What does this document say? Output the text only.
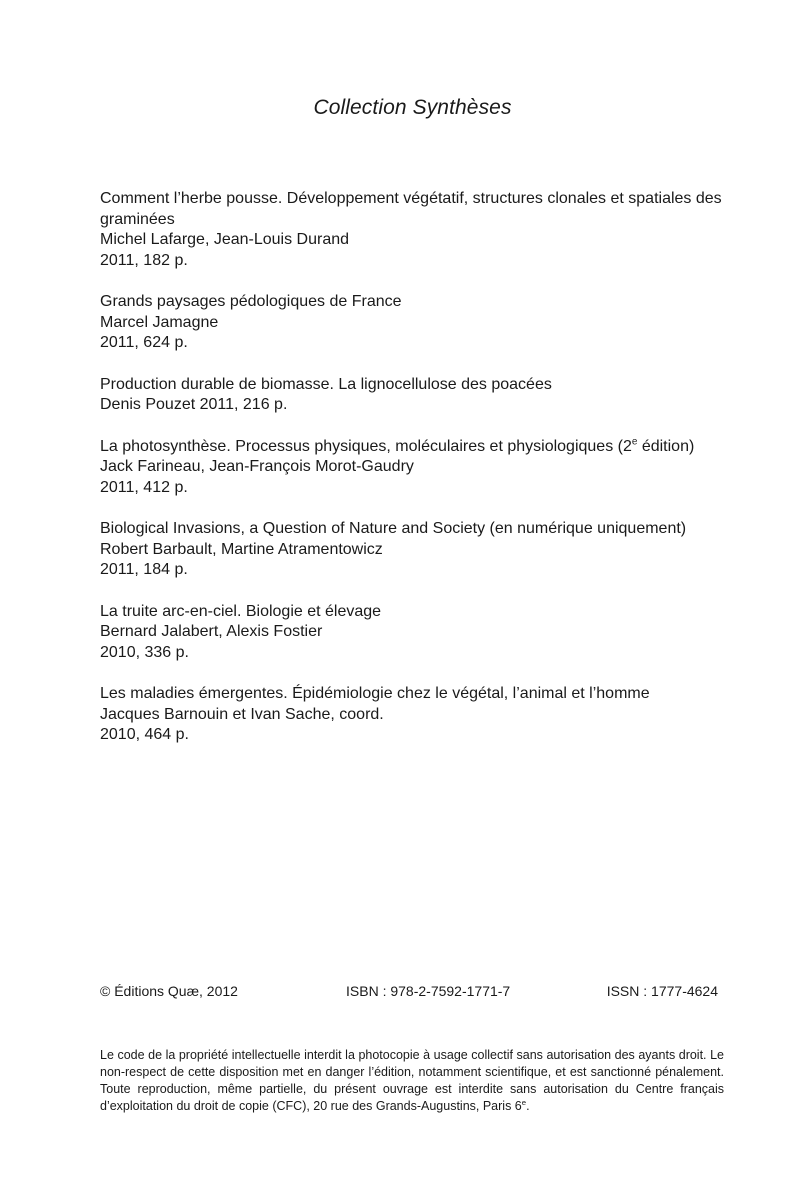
Collection Synthèses
Comment l’herbe pousse. Développement végétatif, structures clonales et spatiales des graminées
Michel Lafarge, Jean-Louis Durand
2011, 182 p.
Grands paysages pédologiques de France
Marcel Jamagne
2011, 624 p.
Production durable de biomasse. La lignocellulose des poacées
Denis Pouzet 2011, 216 p.
La photosynthèse. Processus physiques, moléculaires et physiologiques (2e édition)
Jack Farineau, Jean-François Morot-Gaudry
2011, 412 p.
Biological Invasions, a Question of Nature and Society (en numérique uniquement)
Robert Barbault, Martine Atramentowicz
2011, 184 p.
La truite arc-en-ciel. Biologie et élevage
Bernard Jalabert, Alexis Fostier
2010, 336 p.
Les maladies émergentes. Épidémiologie chez le végétal, l’animal et l’homme
Jacques Barnouin et Ivan Sache, coord.
2010, 464 p.
© Éditions Quæ, 2012	ISBN : 978-2-7592-1771-7	ISSN : 1777-4624

Le code de la propriété intellectuelle interdit la photocopie à usage collectif sans autorisation des ayants droit. Le non-respect de cette disposition met en danger l’édition, notamment scientifique, et est sanctionné pénalement. Toute reproduction, même partielle, du présent ouvrage est interdite sans autorisation du Centre français d’exploitation du droit de copie (CFC), 20 rue des Grands-Augustins, Paris 6e.
